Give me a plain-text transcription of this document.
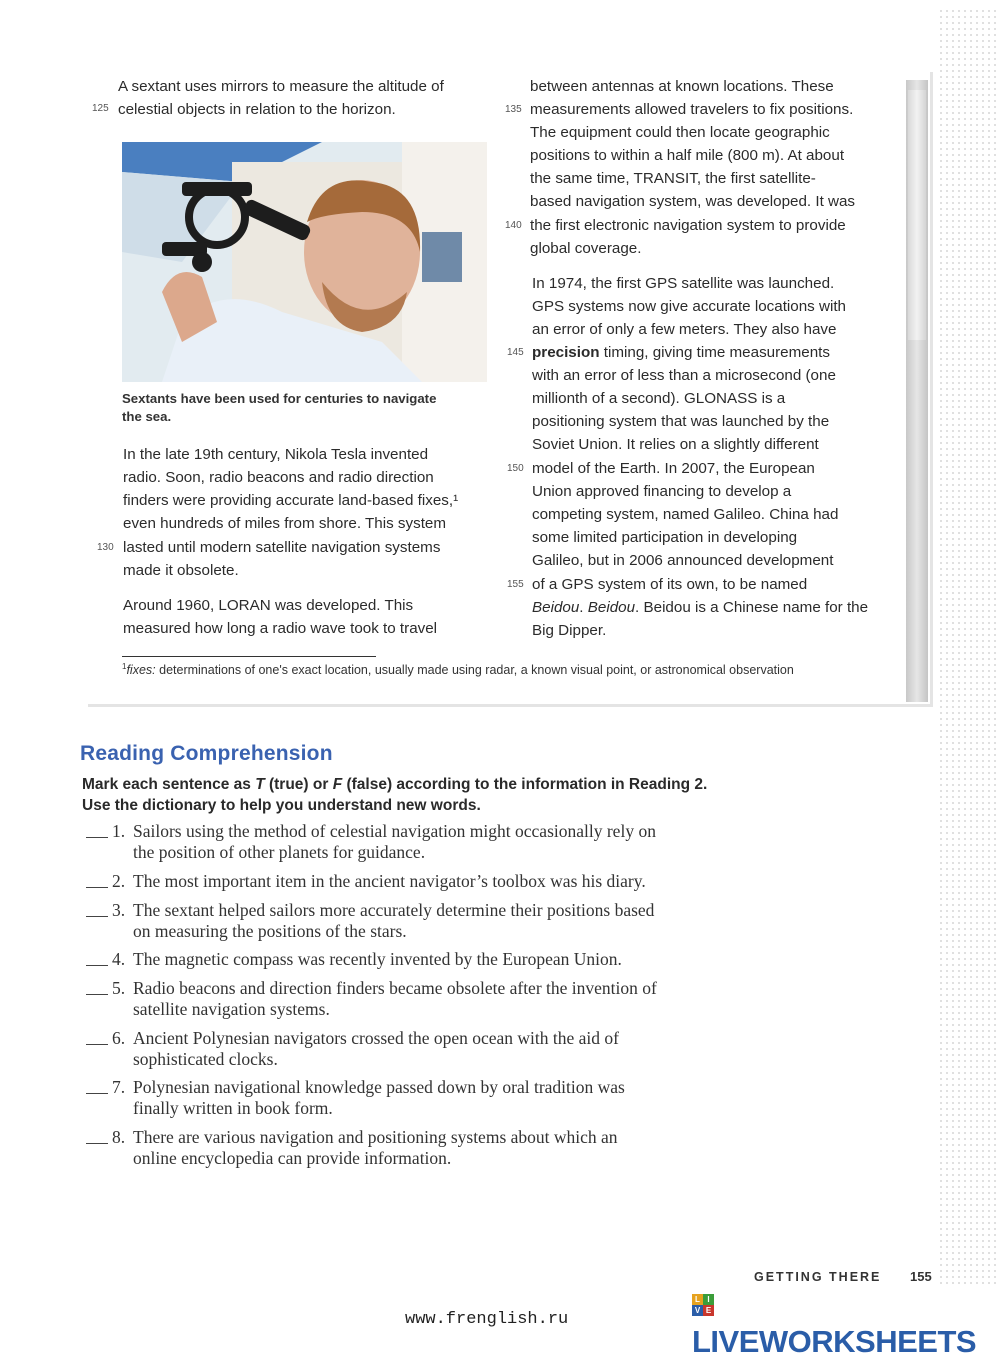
A sextant uses mirrors to measure the altitude of
125 celestial objects in relation to the horizon.
Sextants have been used for centuries to navigate
the sea.
In the late 19th century, Nikola Tesla invented
radio. Soon, radio beacons and radio direction
finders were providing accurate land-based fixes,¹
even hundreds of miles from shore. This system
130 lasted until modern satellite navigation systems
made it obsolete.
Around 1960, LORAN was developed. This
measured how long a radio wave took to travel
between antennas at known locations. These
135 measurements allowed travelers to fix positions.
The equipment could then locate geographic
positions to within a half mile (800 m). At about
the same time, TRANSIT, the first satellite-
based navigation system, was developed. It was
140 the first electronic navigation system to provide
global coverage.
In 1974, the first GPS satellite was launched.
GPS systems now give accurate locations with
an error of only a few meters. They also have
145 precision timing, giving time measurements
with an error of less than a microsecond (one
millionth of a second). GLONASS is a
positioning system that was launched by the
Soviet Union. It relies on a slightly different
150 model of the Earth. In 2007, the European
Union approved financing to develop a
competing system, named Galileo. China had
some limited participation in developing
Galileo, but in 2006 announced development
155 of a GPS system of its own, to be named
Beidou. Beidou. Beidou is a Chinese name for the
Big Dipper.
$^1$fixes: determinations of one's exact location, usually made using radar, a known visual point, or astronomical observation
Reading Comprehension
Mark each sentence as T (true) or F (false) according to the information in Reading 2.
Use the dictionary to help you understand new words.
1. Sailors using the method of celestial navigation might occasionally rely on
the position of other planets for guidance.
2. The most important item in the ancient navigator’s toolbox was his diary.
3. The sextant helped sailors more accurately determine their positions based
on measuring the positions of the stars.
4. The magnetic compass was recently invented by the European Union.
5. Radio beacons and direction finders became obsolete after the invention of
satellite navigation systems.
6. Ancient Polynesian navigators crossed the open ocean with the aid of
sophisticated clocks.
7. Polynesian navigational knowledge passed down by oral tradition was
finally written in book form.
8. There are various navigation and positioning systems about which an
online encyclopedia can provide information.
GETTING THERE 155
L I
V E
LIVEWORKSHEETS
www.frenglish.ru
